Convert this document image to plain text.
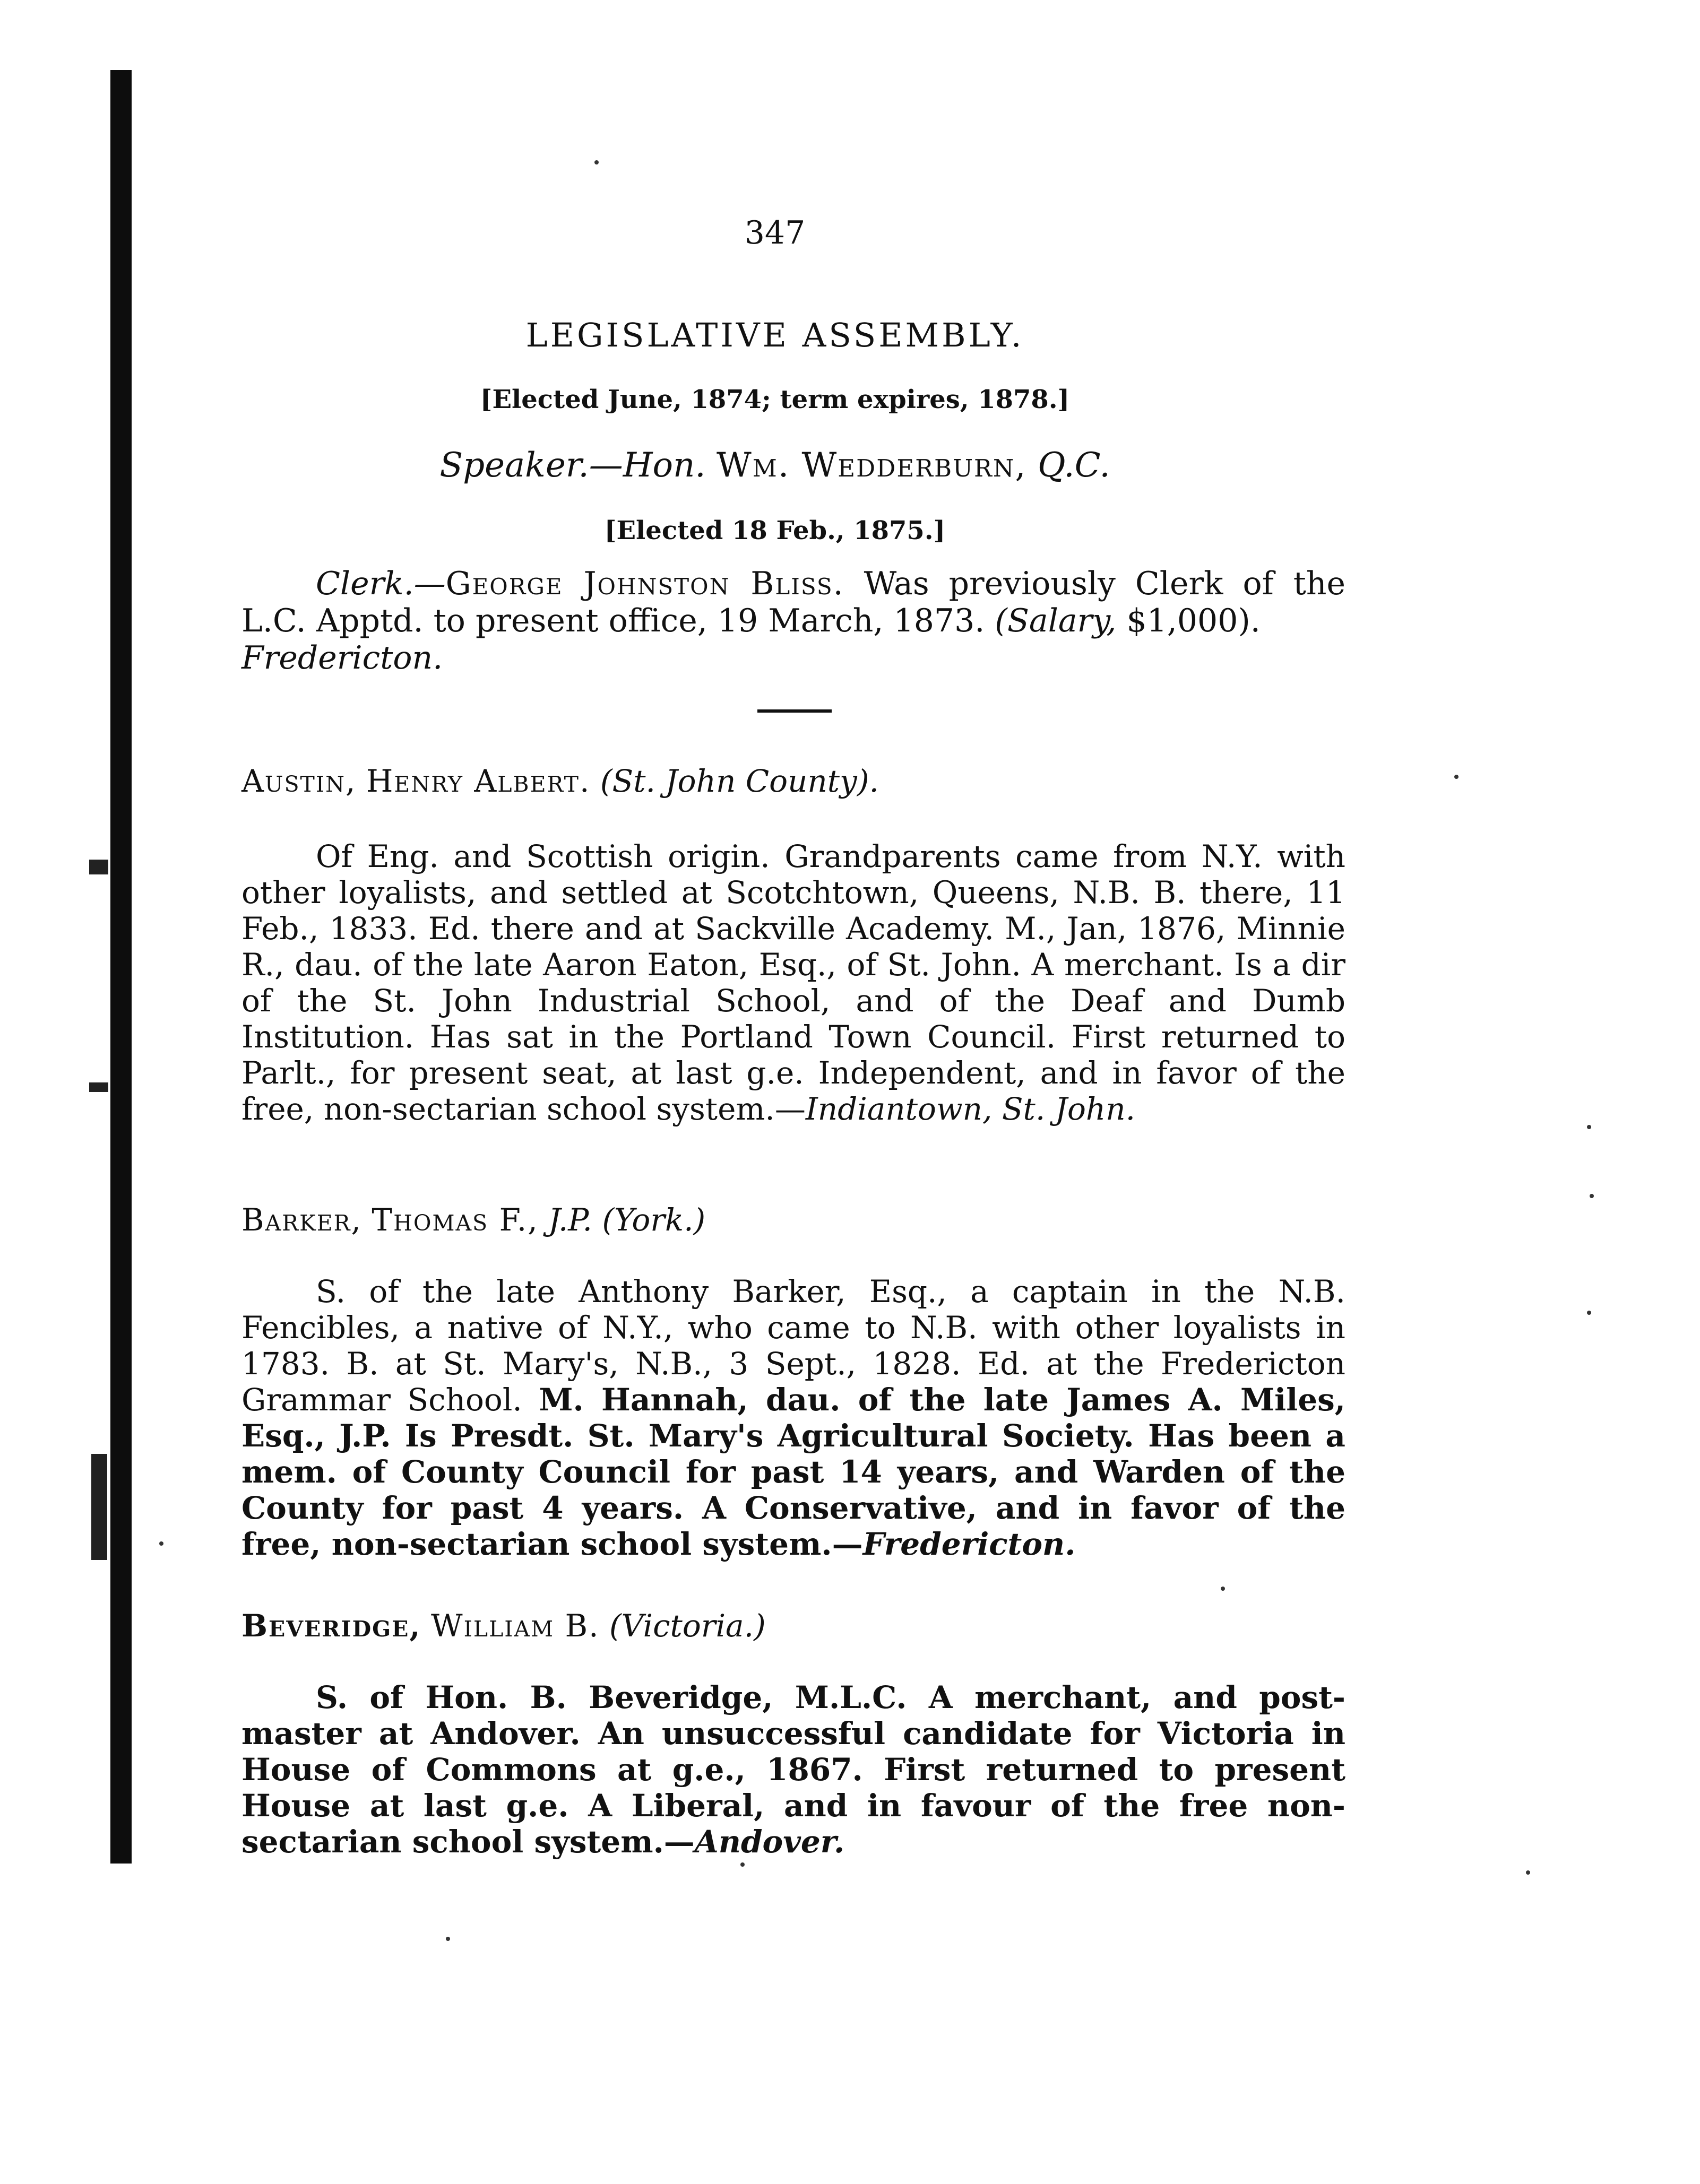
347
LEGISLATIVE ASSEMBLY.
[Elected June, 1874; term expires, 1878.]
Speaker.—Hon. Wm. Wedderburn, Q.C.
[Elected 18 Feb., 1875.]
Clerk.—George Johnston Bliss. Was previously Clerk of the L.C. Apptd. to present office, 19 March, 1873. (Salary, $1,000).
Fredericton.
Austin, Henry Albert. (St. John County).
Of Eng. and Scottish origin. Grandparents came from N.Y. with other loyalists, and settled at Scotchtown, Queens, N.B. B. there, 11 Feb., 1833. Ed. there and at Sackville Academy. M., Jan, 1876, Minnie R., dau. of the late Aaron Eaton, Esq., of St. John. A merchant. Is a dir of the St. John Industrial School, and of the Deaf and Dumb Institution. Has sat in the Portland Town Council. First returned to Parlt., for present seat, at last g.e. Independent, and in favor of the free, non-sectarian school system.—Indiantown, St. John.
Barker, Thomas F., J.P. (York.)
S. of the late Anthony Barker, Esq., a captain in the N.B. Fencibles, a native of N.Y., who came to N.B. with other loyalists in 1783. B. at St. Mary's, N.B., 3 Sept., 1828. Ed. at the Fredericton Grammar School. M. Hannah, dau. of the late James A. Miles, Esq., J.P. Is Presdt. St. Mary's Agricultural Society. Has been a mem. of County Council for past 14 years, and Warden of the County for past 4 years. A Conservative, and in favor of the free, non-sectarian school system.—Fredericton.
Beveridge, William B. (Victoria.)
S. of Hon. B. Beveridge, M.L.C. A merchant, and post-master at Andover. An unsuccessful candidate for Victoria in House of Commons at g.e., 1867. First returned to present House at last g.e. A Liberal, and in favour of the free non-sectarian school system.—Andover.
